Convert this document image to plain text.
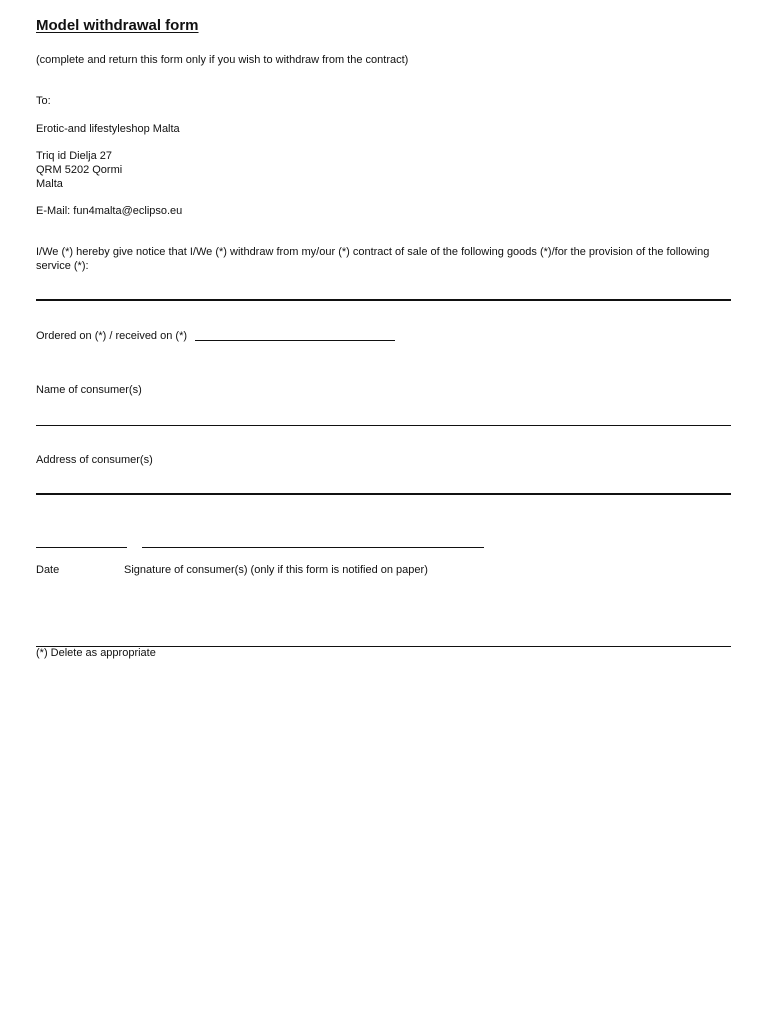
Model withdrawal form
(complete and return this form only if you wish to withdraw from the contract)
To:
Erotic-and lifestyleshop Malta
Triq id Dielja 27
QRM 5202 Qormi
Malta
E-Mail: fun4malta@eclipso.eu
I/We (*) hereby give notice that I/We (*) withdraw from my/our (*) contract of sale of the following goods (*)/for the provision of the following service (*):
Ordered on (*) / received on (*)
Name of consumer(s)
Address of consumer(s)
Date	Signature of consumer(s) (only if this form is notified on paper)
(*) Delete as appropriate
